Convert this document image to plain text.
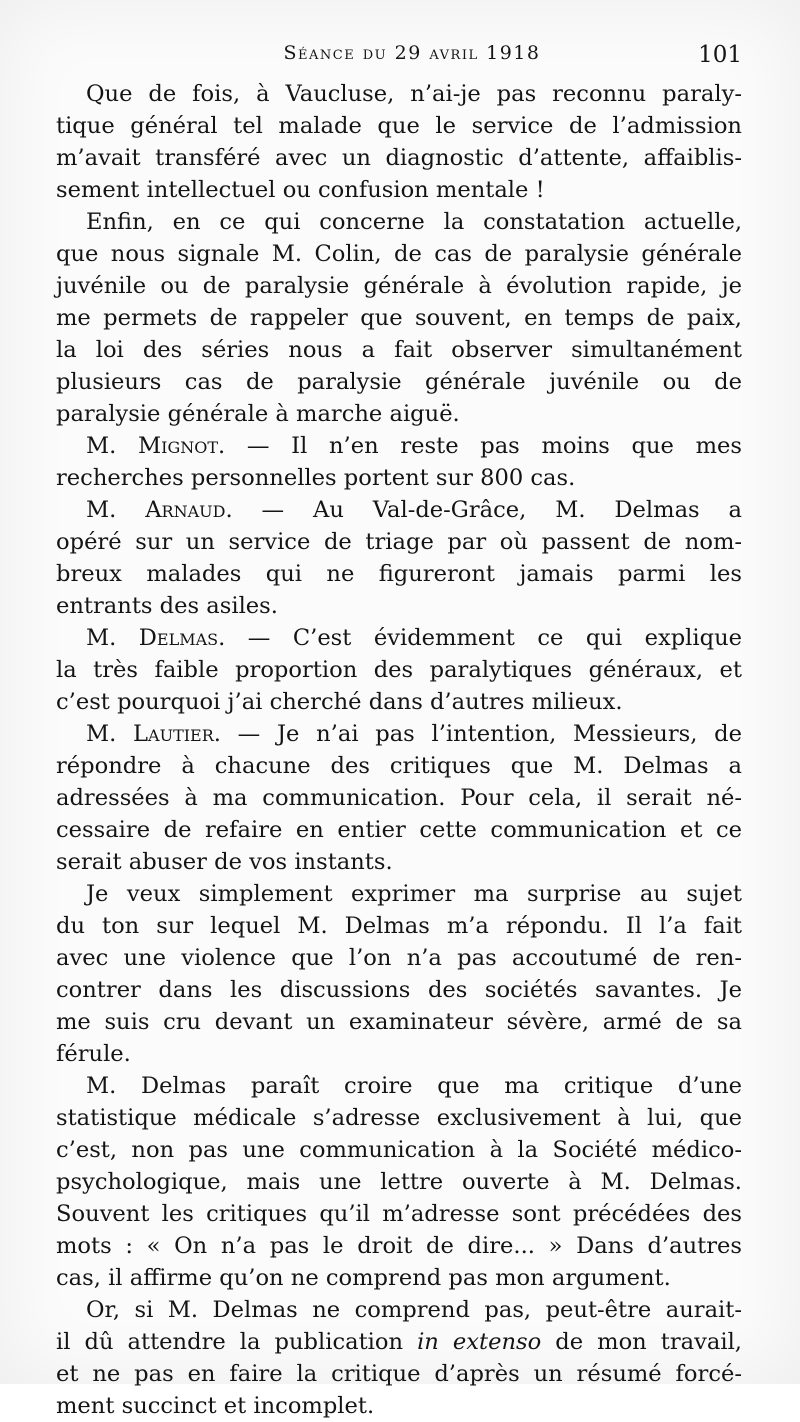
Séance du 29 avril 1918	101
Que de fois, à Vaucluse, n’ai-je pas reconnu paraly-
tique général tel malade que le service de l’admission
m’avait transféré avec un diagnostic d’attente, affaiblis-
sement intellectuel ou confusion mentale !
Enfin, en ce qui concerne la constatation actuelle,
que nous signale M. Colin, de cas de paralysie générale
juvénile ou de paralysie générale à évolution rapide, je
me permets de rappeler que souvent, en temps de paix,
la loi des séries nous a fait observer simultanément
plusieurs cas de paralysie générale juvénile ou de
paralysie générale à marche aiguë.
M. Mignot. — Il n’en reste pas moins que mes
recherches personnelles portent sur 800 cas.
M. Arnaud. — Au Val-de-Grâce, M. Delmas a
opéré sur un service de triage par où passent de nom-
breux malades qui ne figureront jamais parmi les
entrants des asiles.
M. Delmas. — C’est évidemment ce qui explique
la très faible proportion des paralytiques généraux, et
c’est pourquoi j’ai cherché dans d’autres milieux.
M. Lautier. — Je n’ai pas l’intention, Messieurs, de
répondre à chacune des critiques que M. Delmas a
adressées à ma communication. Pour cela, il serait né-
cessaire de refaire en entier cette communication et ce
serait abuser de vos instants.
Je veux simplement exprimer ma surprise au sujet
du ton sur lequel M. Delmas m’a répondu. Il l’a fait
avec une violence que l’on n’a pas accoutumé de ren-
contrer dans les discussions des sociétés savantes. Je
me suis cru devant un examinateur sévère, armé de sa
férule.
M. Delmas paraît croire que ma critique d’une
statistique médicale s’adresse exclusivement à lui, que
c’est, non pas une communication à la Société médico-
psychologique, mais une lettre ouverte à M. Delmas.
Souvent les critiques qu’il m’adresse sont précédées des
mots : « On n’a pas le droit de dire... » Dans d’autres
cas, il affirme qu’on ne comprend pas mon argument.
Or, si M. Delmas ne comprend pas, peut-être aurait-
il dû attendre la publication in extenso de mon travail,
et ne pas en faire la critique d’après un résumé forcé-
ment succinct et incomplet.
